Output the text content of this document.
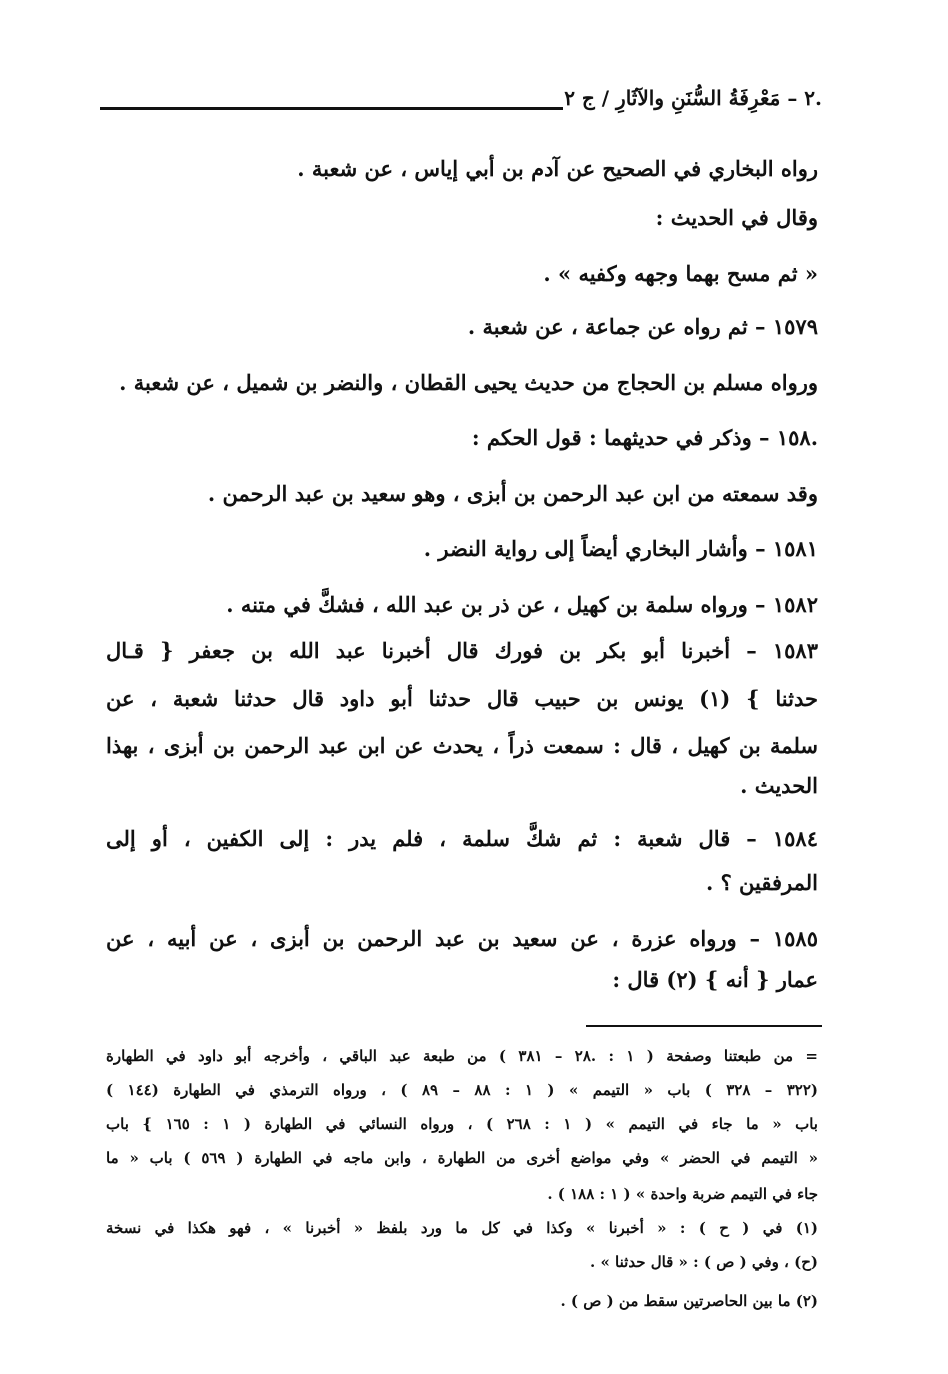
.٢ – مَعْرِفَةُ السُّنَنِ والآثَارِ / ج ٢
رواه البخاري في الصحيح عن آدم بن أبي إياس ، عن شعبة .
وقال في الحديث :
« ثم مسح بهما وجهه وكفيه » .
١٥٧٩ – ثم رواه عن جماعة ، عن شعبة .
ورواه مسلم بن الحجاج من حديث يحيى القطان ، والنضر بن شميل ، عن شعبة .
.١٥٨ – وذكر في حديثهما : قول الحكم :
وقد سمعته من ابن عبد الرحمن بن أبزى ، وهو سعيد بن عبد الرحمن .
١٥٨١ – وأشار البخاري أيضاً إلى رواية النضر .
١٥٨٢ – ورواه سلمة بن كهيل ، عن ذر بن عبد الله ، فشكَّ في متنه .
١٥٨٣ – أخبرنا أبو بكر بن فورك قال أخبرنا عبد الله بن جعفر { قـال
حدثنا } (١) يونس بن حبيب قال حدثنا أبو داود قال حدثنا شعبة ، عن
سلمة بن كهيل ، قال : سمعت ذراً ، يحدث عن ابن عبد الرحمن بن أبزى ، بهذا
الحديث .
١٥٨٤ – قال شعبة : ثم شكَّ سلمة ، فلم يدر : إلى الكفين ، أو إلى
المرفقين ؟ .
١٥٨٥ – ورواه عزرة ، عن سعيد بن عبد الرحمن بن أبزى ، عن أبيه ، عن
عمار { أنه } (٢) قال :
= من طبعتنا وصفحة ( ١ : .٢٨ – ٣٨١ ) من طبعة عبد الباقي ، وأخرجه أبو داود في الطهارة
(٣٢٢ – ٣٢٨ ) باب « التيمم » ( ١ : ٨٨ – ٨٩ ) ، ورواه الترمذي في الطهارة (١٤٤ )
باب « ما جاء في التيمم » ( ١ : ٢٦٨ ) ، ورواه النسائي في الطهارة ( ١ : ١٦٥ } باب
« التيمم في الحضر » وفي مواضع أخرى من الطهارة ، وابن ماجه في الطهارة ( ٥٦٩ ) باب « ما
جاء في التيمم ضربة واحدة » ( ١ : ١٨٨ ) .
(١) في ( ح ) : « أخبرنا » وكذا في كل ما ورد بلفظ « أخبرنا » ، فهو هكذا في نسخة
(ح) ، وفي ( ص ) : « قال حدثنا » .
(٢) ما بين الحاصرتين سقط من ( ص ) .
